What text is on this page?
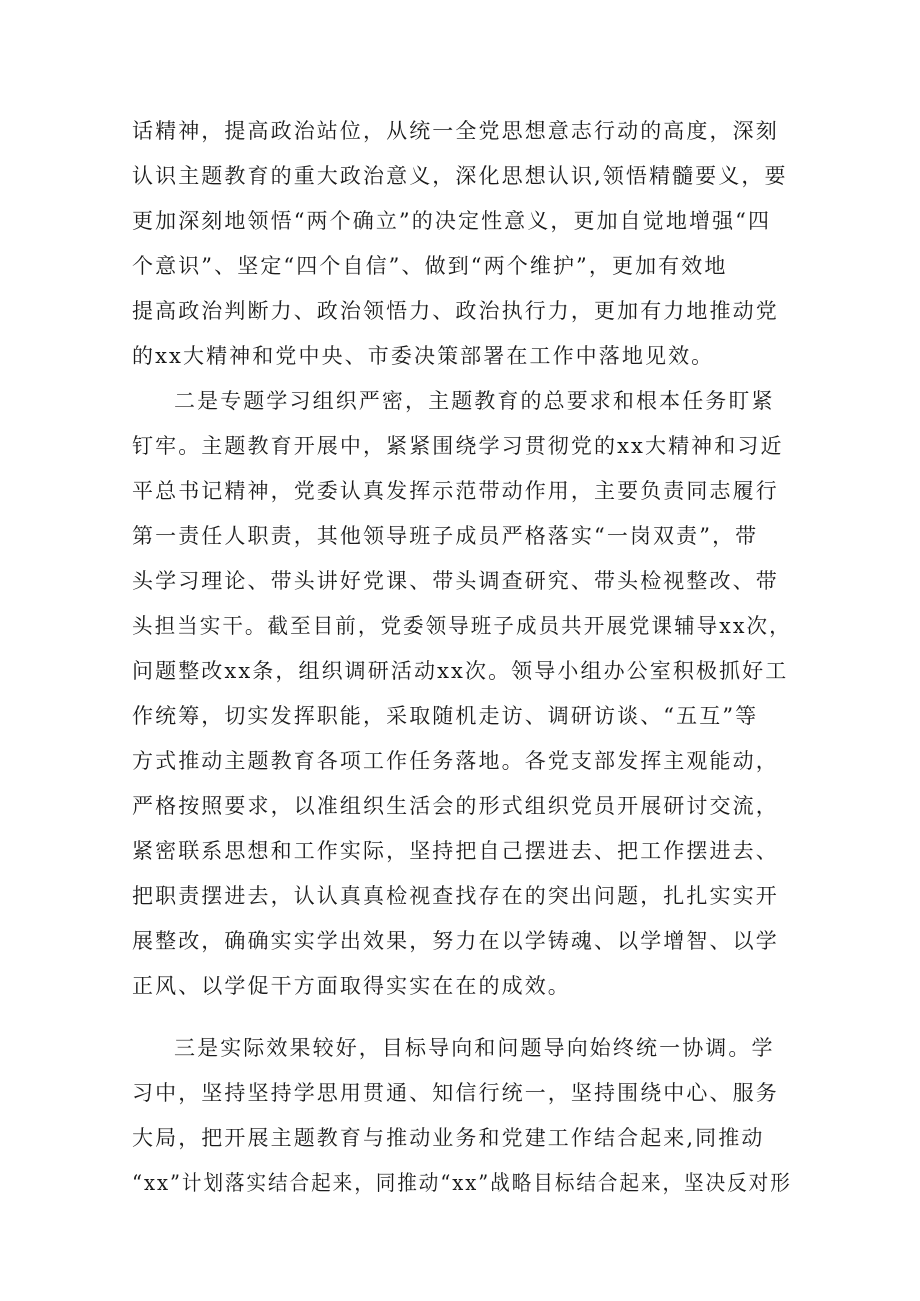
话精神，提高政治站位，从统一全党思想意志行动的高度，深刻
认识主题教育的重大政治意义，深化思想认识,领悟精髓要义，要
更加深刻地领悟“两个确立”的决定性意义，更加自觉地增强“四
个意识”、坚定“四个自信”、做到“两个维护”，更加有效地
提高政治判断力、政治领悟力、政治执行力，更加有力地推动党
的xx大精神和党中央、市委决策部署在工作中落地见效。
二是专题学习组织严密，主题教育的总要求和根本任务盯紧
钉牢。主题教育开展中，紧紧围绕学习贯彻党的xx大精神和习近
平总书记精神，党委认真发挥示范带动作用，主要负责同志履行
第一责任人职责，其他领导班子成员严格落实“一岗双责”，带
头学习理论、带头讲好党课、带头调查研究、带头检视整改、带
头担当实干。截至目前，党委领导班子成员共开展党课辅导xx次，
问题整改xx条，组织调研活动xx次。领导小组办公室积极抓好工
作统筹，切实发挥职能，采取随机走访、调研访谈、“五互”等
方式推动主题教育各项工作任务落地。各党支部发挥主观能动，
严格按照要求，以准组织生活会的形式组织党员开展研讨交流，
紧密联系思想和工作实际，坚持把自己摆进去、把工作摆进去、
把职责摆进去，认认真真检视查找存在的突出问题，扎扎实实开
展整改，确确实实学出效果，努力在以学铸魂、以学增智、以学
正风、以学促干方面取得实实在在的成效。
三是实际效果较好，目标导向和问题导向始终统一协调。学
习中，坚持坚持学思用贯通、知信行统一，坚持围绕中心、服务
大局，把开展主题教育与推动业务和党建工作结合起来,同推动
“xx”计划落实结合起来，同推动“xx”战略目标结合起来，坚决反对形
